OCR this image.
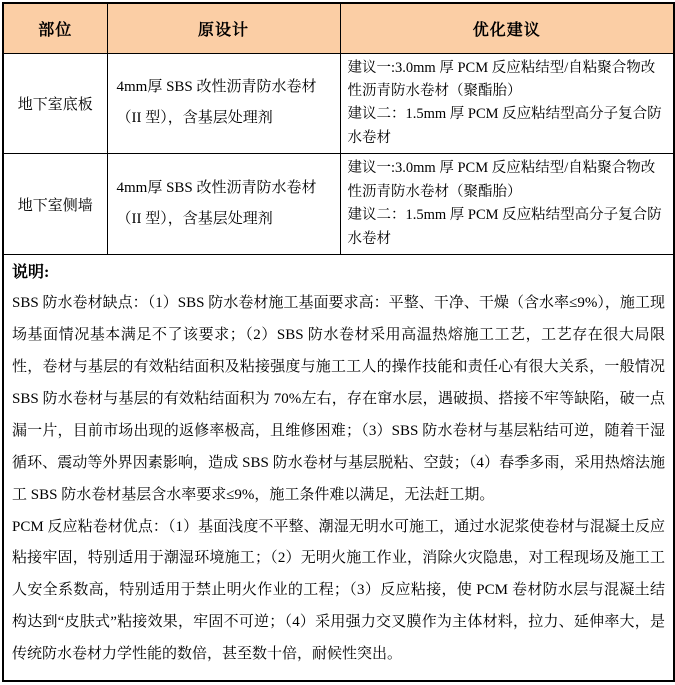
部位	原设计	优化建议
地下室底板	4mm厚 SBS 改性沥青防水卷材（II 型），含基层处理剂	建议一:3.0mm 厚 PCM 反应粘结型/自粘聚合物改性沥青防水卷材（聚酯胎）
建议二：1.5mm 厚 PCM 反应粘结型高分子复合防水卷材

地下室侧墙	4mm厚 SBS 改性沥青防水卷材（II 型），含基层处理剂	建议一:3.0mm 厚 PCM 反应粘结型/自粘聚合物改性沥青防水卷材（聚酯胎）
建议二：1.5mm 厚 PCM 反应粘结型高分子复合防水卷材

说明:

SBS 防水卷材缺点：（1）SBS 防水卷材施工基面要求高：平整、干净、干燥（含水率≤9%），施工现场基面情况基本满足不了该要求；（2）SBS 防水卷材采用高温热熔施工工艺，工艺存在很大局限性，卷材与基层的有效粘结面积及粘接强度与施工工人的操作技能和责任心有很大关系，一般情况 SBS 防水卷材与基层的有效粘结面积为 70%左右，存在窜水层，遇破损、搭接不牢等缺陷，破一点漏一片，目前市场出现的返修率极高，且维修困难；（3）SBS 防水卷材与基层粘结可逆，随着干湿循环、震动等外界因素影响，造成 SBS 防水卷材与基层脱粘、空鼓；（4）春季多雨，采用热熔法施工 SBS 防水卷材基层含水率要求≤9%，施工条件难以满足，无法赶工期。

PCM 反应粘卷材优点：（1）基面浅度不平整、潮湿无明水可施工，通过水泥浆使卷材与混凝土反应粘接牢固，特别适用于潮湿环境施工；（2）无明火施工作业，消除火灾隐患，对工程现场及施工工人安全系数高，特别适用于禁止明火作业的工程；（3）反应粘接，使 PCM 卷材防水层与混凝土结构达到“皮肤式”粘接效果，牢固不可逆；（4）采用强力交叉膜作为主体材料，拉力、延伸率大，是传统防水卷材力学性能的数倍，甚至数十倍，耐候性突出。		
